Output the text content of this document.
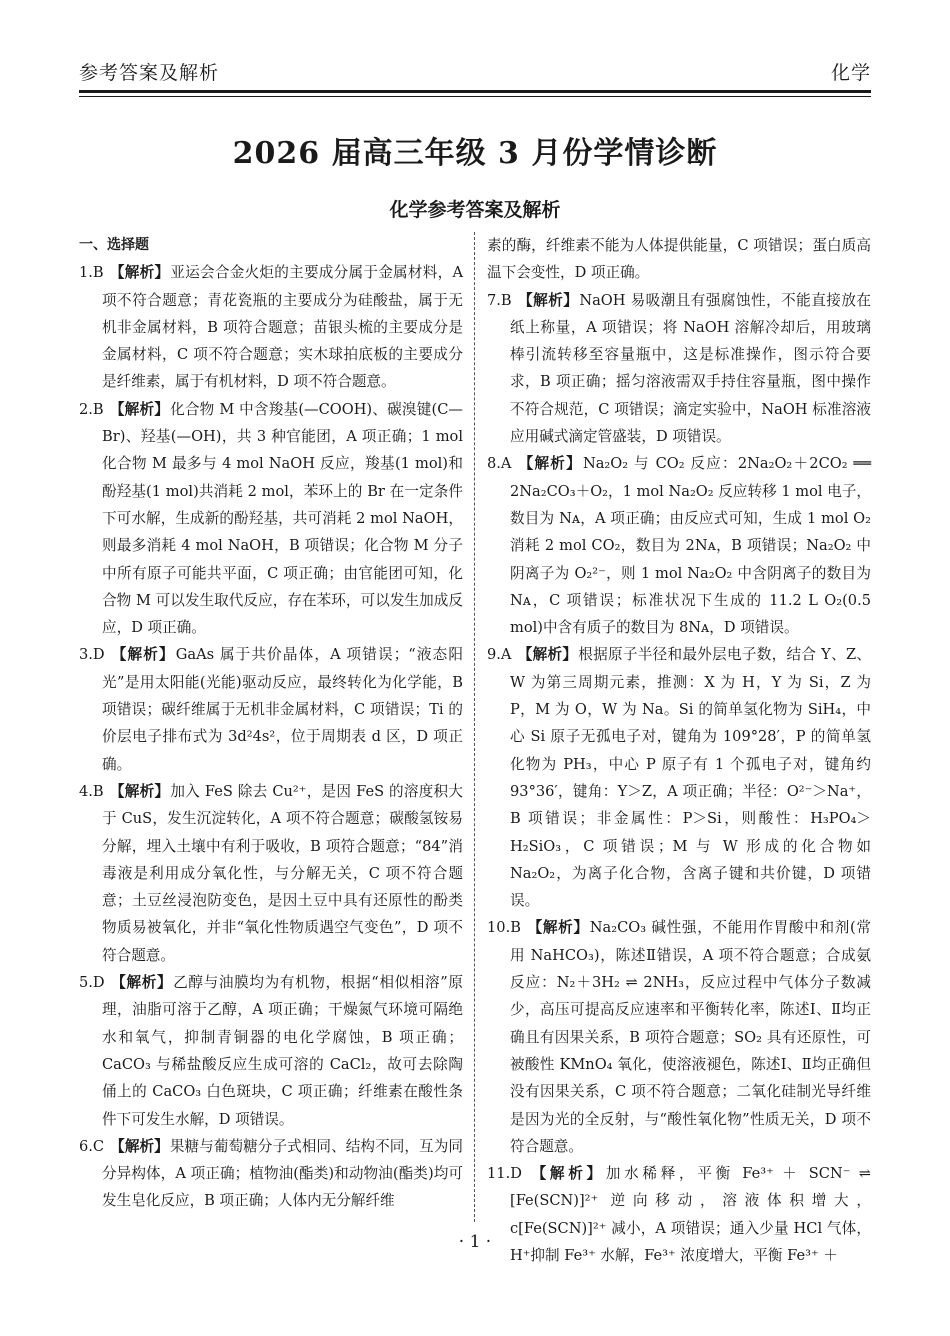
参考答案及解析	化学
2026 届高三年级 3 月份学情诊断
化学参考答案及解析
一、选择题
1.B 【解析】亚运会合金火炬的主要成分属于金属材料，A 项不符合题意；青花瓷瓶的主要成分为硅酸盐，属于无机非金属材料，B 项符合题意；苗银头梳的主要成分是金属材料，C 项不符合题意；实木球拍底板的主要成分是纤维素，属于有机材料，D 项不符合题意。
2.B 【解析】化合物 M 中含羧基(—COOH)、碳溴键(C—Br)、羟基(—OH)，共 3 种官能团，A 项正确；1 mol 化合物 M 最多与 4 mol NaOH 反应，羧基(1 mol)和酚羟基(1 mol)共消耗 2 mol，苯环上的 Br 在一定条件下可水解，生成新的酚羟基，共可消耗 2 mol NaOH，则最多消耗 4 mol NaOH，B 项错误；化合物 M 分子中所有原子可能共平面，C 项正确；由官能团可知，化合物 M 可以发生取代反应，存在苯环，可以发生加成反应，D 项正确。
3.D 【解析】GaAs 属于共价晶体，A 项错误；“液态阳光”是用太阳能(光能)驱动反应，最终转化为化学能，B 项错误；碳纤维属于无机非金属材料，C 项错误；Ti 的价层电子排布式为 3d²4s²，位于周期表 d 区，D 项正确。
4.B 【解析】加入 FeS 除去 Cu²⁺，是因 FeS 的溶度积大于 CuS，发生沉淀转化，A 项不符合题意；碳酸氢铵易分解，埋入土壤中有利于吸收，B 项符合题意；“84”消毒液是利用成分氧化性，与分解无关，C 项不符合题意；土豆丝浸泡防变色，是因土豆中具有还原性的酚类物质易被氧化，并非“氧化性物质遇空气变色”，D 项不符合题意。
5.D 【解析】乙醇与油膜均为有机物，根据“相似相溶”原理，油脂可溶于乙醇，A 项正确；干燥氮气环境可隔绝水和氧气，抑制青铜器的电化学腐蚀，B 项正确；CaCO₃ 与稀盐酸反应生成可溶的 CaCl₂，故可去除陶俑上的 CaCO₃ 白色斑块，C 项正确；纤维素在酸性条件下可发生水解，D 项错误。
6.C 【解析】果糖与葡萄糖分子式相同、结构不同，互为同分异构体，A 项正确；植物油(酯类)和动物油(酯类)均可发生皂化反应，B 项正确；人体内无分解纤维
素的酶，纤维素不能为人体提供能量，C 项错误；蛋白质高温下会变性，D 项正确。
7.B 【解析】NaOH 易吸潮且有强腐蚀性，不能直接放在纸上称量，A 项错误；将 NaOH 溶解冷却后，用玻璃棒引流转移至容量瓶中，这是标准操作，图示符合要求，B 项正确；摇匀溶液需双手持住容量瓶，图中操作不符合规范，C 项错误；滴定实验中，NaOH 标准溶液应用碱式滴定管盛装，D 项错误。
8.A 【解析】Na₂O₂ 与 CO₂ 反应：2Na₂O₂＋2CO₂ ══ 2Na₂CO₃＋O₂，1 mol Na₂O₂ 反应转移 1 mol 电子，数目为 Nᴀ，A 项正确；由反应式可知，生成 1 mol O₂ 消耗 2 mol CO₂，数目为 2Nᴀ，B 项错误；Na₂O₂ 中阴离子为 O₂²⁻，则 1 mol Na₂O₂ 中含阴离子的数目为 Nᴀ，C 项错误；标准状况下生成的 11.2 L O₂(0.5 mol)中含有质子的数目为 8Nᴀ，D 项错误。
9.A 【解析】根据原子半径和最外层电子数，结合 Y、Z、W 为第三周期元素，推测：X 为 H，Y 为 Si，Z 为 P，M 为 O，W 为 Na。Si 的简单氢化物为 SiH₄，中心 Si 原子无孤电子对，键角为 109°28′，P 的简单氢化物为 PH₃，中心 P 原子有 1 个孤电子对，键角约 93°36′，键角：Y＞Z，A 项正确；半径：O²⁻＞Na⁺，B 项错误；非金属性：P＞Si，则酸性：H₃PO₄＞H₂SiO₃，C 项错误；M 与 W 形成的化合物如 Na₂O₂，为离子化合物，含离子键和共价键，D 项错误。
10.B 【解析】Na₂CO₃ 碱性强，不能用作胃酸中和剂(常用 NaHCO₃)，陈述Ⅱ错误，A 项不符合题意；合成氨反应：N₂＋3H₂ ⇌ 2NH₃，反应过程中气体分子数减少，高压可提高反应速率和平衡转化率，陈述Ⅰ、Ⅱ均正确且有因果关系，B 项符合题意；SO₂ 具有还原性，可被酸性 KMnO₄ 氧化，使溶液褪色，陈述Ⅰ、Ⅱ均正确但没有因果关系，C 项不符合题意；二氧化硅制光导纤维是因为光的全反射，与“酸性氧化物”性质无关，D 项不符合题意。
11.D 【解析】加水稀释，平衡 Fe³⁺ ＋ SCN⁻ ⇌ [Fe(SCN)]²⁺ 逆向移动，溶液体积增大，c[Fe(SCN)]²⁺ 减小，A 项错误；通入少量 HCl 气体，H⁺抑制 Fe³⁺ 水解，Fe³⁺ 浓度增大，平衡 Fe³⁺ ＋
· 1 ·
